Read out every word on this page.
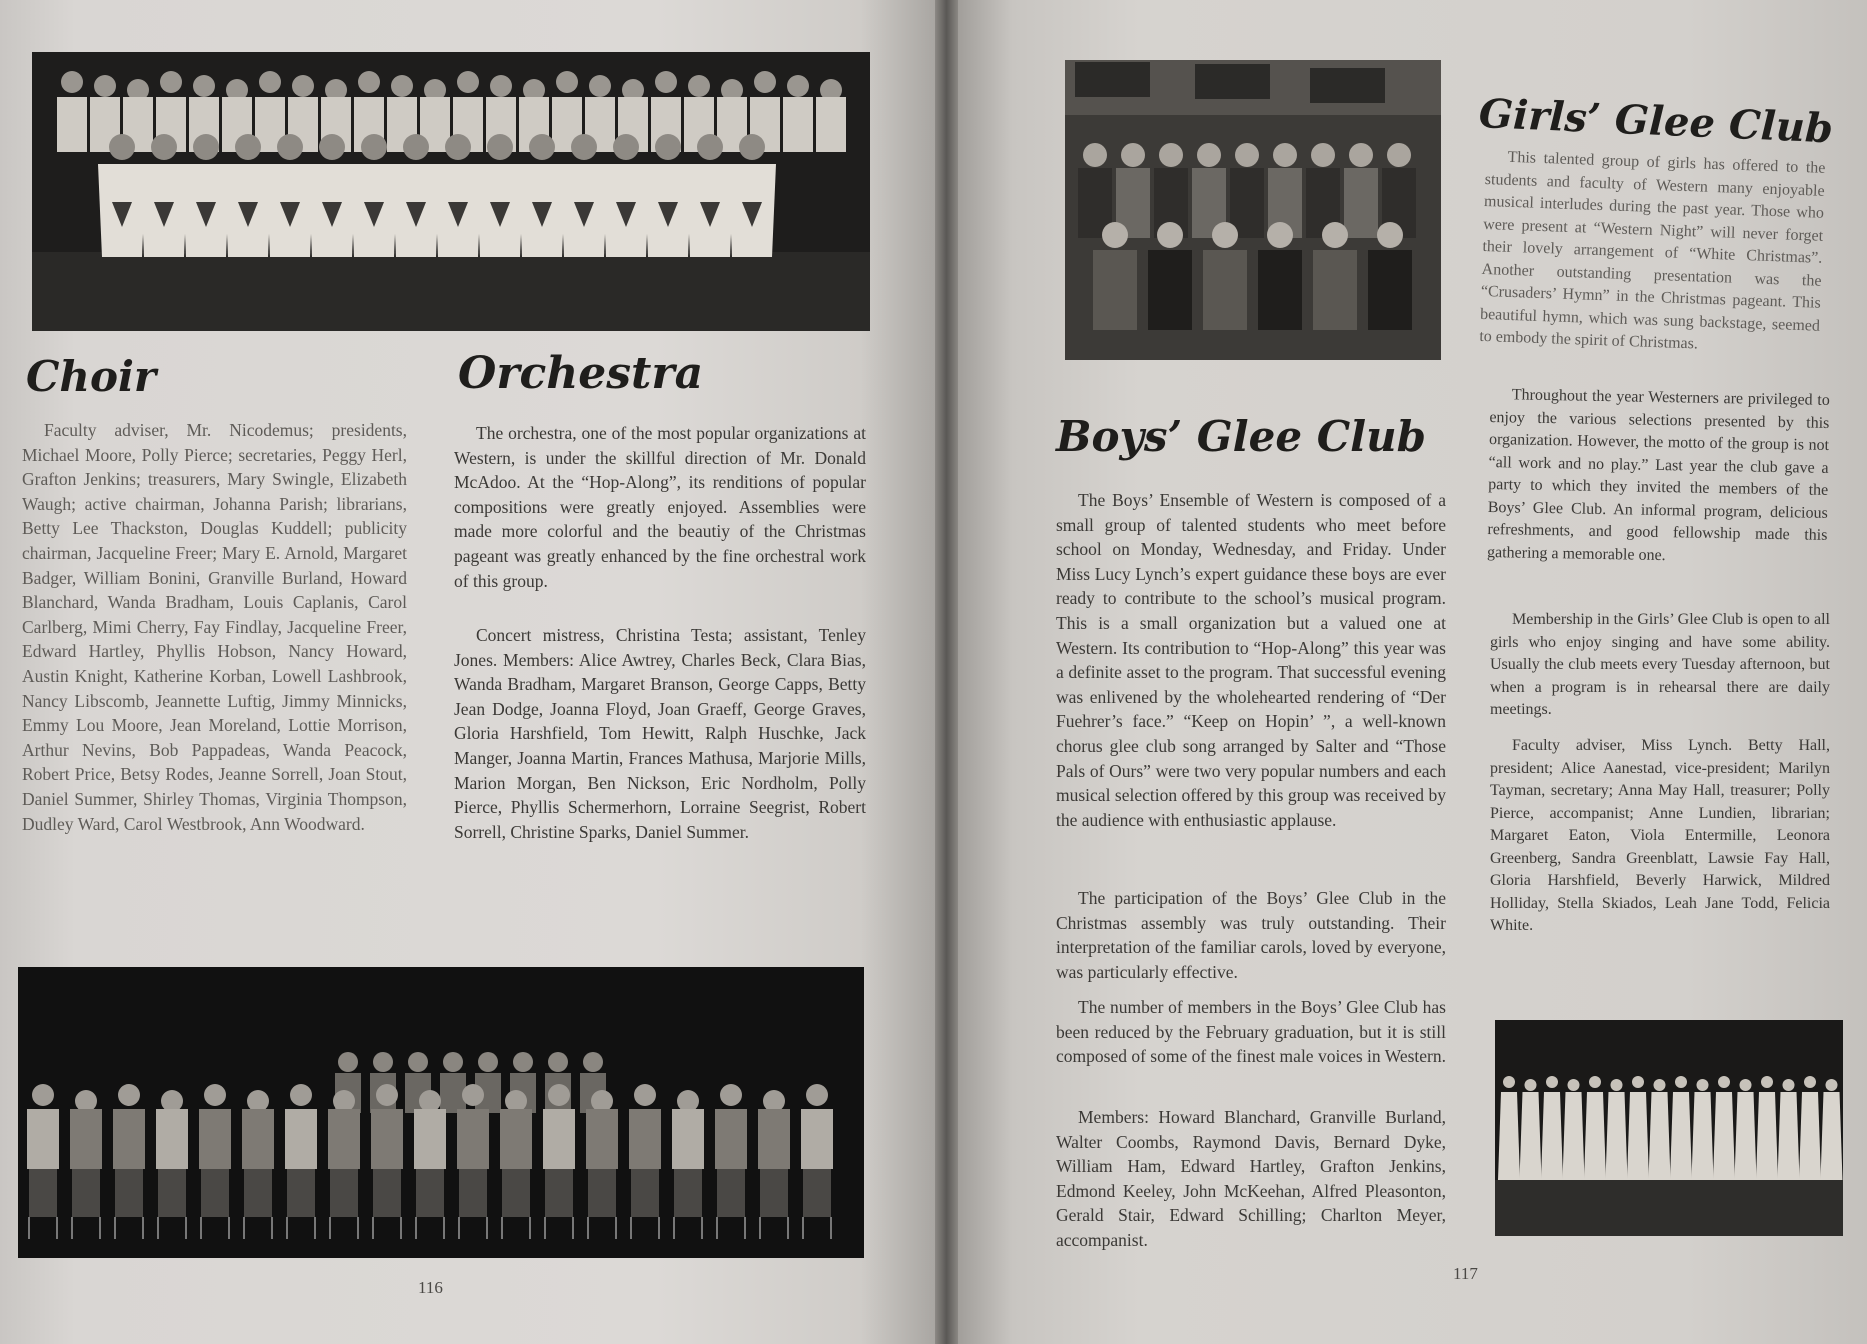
Choir

Faculty adviser, Mr. Nicodemus; presidents, Michael Moore, Polly Pierce; secretaries, Peggy Herl, Grafton Jenkins; treasurers, Mary Swingle, Elizabeth Waugh; active chairman, Johanna Parish; librarians, Betty Lee Thackston, Douglas Kuddell; publicity chairman, Jacqueline Freer; Mary E. Arnold, Margaret Badger, William Bonini, Granville Burland, Howard Blanchard, Wanda Bradham, Louis Caplanis, Carol Carlberg, Mimi Cherry, Fay Findlay, Jacqueline Freer, Edward Hartley, Phyllis Hobson, Nancy Howard, Austin Knight, Katherine Korban, Lowell Lashbrook, Nancy Libscomb, Jeannette Luftig, Jimmy Minnicks, Emmy Lou Moore, Jean Moreland, Lottie Morrison, Arthur Nevins, Bob Pappadeas, Wanda Peacock, Robert Price, Betsy Rodes, Jeanne Sorrell, Joan Stout, Daniel Summer, Shirley Thomas, Virginia Thompson, Dudley Ward, Carol Westbrook, Ann Woodward.

Orchestra

The orchestra, one of the most popular organizations at Western, is under the skillful direction of Mr. Donald McAdoo. At the “Hop-Along”, its renditions of popular compositions were greatly enjoyed. Assemblies were made more colorful and the beautiy of the Christmas pageant was greatly enhanced by the fine orchestral work of this group.

Concert mistress, Christina Testa; assistant, Tenley Jones. Members: Alice Awtrey, Charles Beck, Clara Bias, Wanda Bradham, Margaret Branson, George Capps, Betty Jean Dodge, Joanna Floyd, Joan Graeff, George Graves, Gloria Harshfield, Tom Hewitt, Ralph Huschke, Jack Manger, Joanna Martin, Frances Mathusa, Marjorie Mills, Marion Morgan, Ben Nickson, Eric Nordholm, Polly Pierce, Phyllis Schermerhorn, Lorraine Seegrist, Robert Sorrell, Christine Sparks, Daniel Summer.

116
Girls’ Glee Club

This talented group of girls has offered to the students and faculty of Western many enjoyable musical interludes during the past year. Those who were present at “Western Night” will never forget their lovely arrangement of “White Christmas”. Another outstanding presentation was the “Crusaders’ Hymn” in the Christmas pageant. This beautiful hymn, which was sung backstage, seemed to embody the spirit of Christmas.

Throughout the year Westerners are privileged to enjoy the various selections presented by this organization. However, the motto of the group is not “all work and no play.” Last year the club gave a party to which they invited the members of the Boys’ Glee Club. An informal program, delicious refreshments, and good fellowship made this gathering a memorable one.

Membership in the Girls’ Glee Club is open to all girls who enjoy singing and have some ability. Usually the club meets every Tuesday afternoon, but when a program is in rehearsal there are daily meetings.

Faculty adviser, Miss Lynch. Betty Hall, president; Alice Aanestad, vice-president; Marilyn Tayman, secretary; Anna May Hall, treasurer; Polly Pierce, accompanist; Anne Lundien, librarian; Margaret Eaton, Viola Entermille, Leonora Greenberg, Sandra Greenblatt, Lawsie Fay Hall, Gloria Harshfield, Beverly Harwick, Mildred Holliday, Stella Skiados, Leah Jane Todd, Felicia White.

Boys’ Glee Club

The Boys’ Ensemble of Western is composed of a small group of talented students who meet before school on Monday, Wednesday, and Friday. Under Miss Lucy Lynch’s expert guidance these boys are ever ready to contribute to the school’s musical program. This is a small organization but a valued one at Western. Its contribution to “Hop-Along” this year was a definite asset to the program. That successful evening was enlivened by the wholehearted rendering of “Der Fuehrer’s face.” “Keep on Hopin’ ”, a well-known chorus glee club song arranged by Salter and “Those Pals of Ours” were two very popular numbers and each musical selection offered by this group was received by the audience with enthusiastic applause.

The participation of the Boys’ Glee Club in the Christmas assembly was truly outstanding. Their interpretation of the familiar carols, loved by everyone, was particularly effective.

The number of members in the Boys’ Glee Club has been reduced by the February graduation, but it is still composed of some of the finest male voices in Western.

Members: Howard Blanchard, Granville Burland, Walter Coombs, Raymond Davis, Bernard Dyke, William Ham, Edward Hartley, Grafton Jenkins, Edmond Keeley, John McKeehan, Alfred Pleasonton, Gerald Stair, Edward Schilling; Charlton Meyer, accompanist.

117
